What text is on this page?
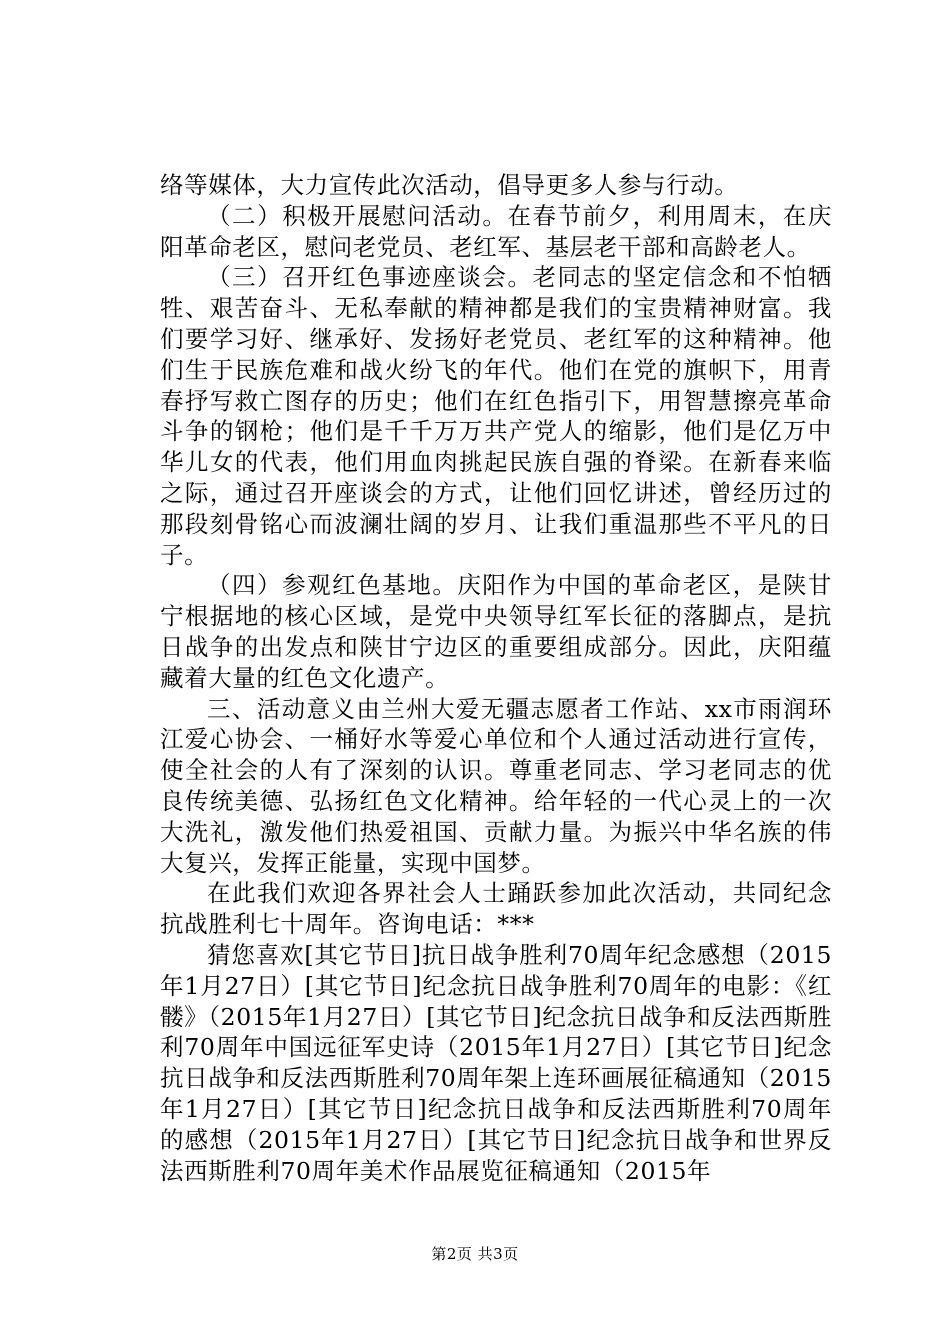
络等媒体，大力宣传此次活动，倡导更多人参与行动。

（二）积极开展慰问活动。在春节前夕，利用周末，在庆阳革命老区，慰问老党员、老红军、基层老干部和高龄老人。

（三）召开红色事迹座谈会。老同志的坚定信念和不怕牺牲、艰苦奋斗、无私奉献的精神都是我们的宝贵精神财富。我们要学习好、继承好、发扬好老党员、老红军的这种精神。他们生于民族危难和战火纷飞的年代。他们在党的旗帜下，用青春抒写救亡图存的历史；他们在红色指引下，用智慧擦亮革命斗争的钢枪；他们是千千万万共产党人的缩影，他们是亿万中华儿女的代表，他们用血肉挑起民族自强的脊梁。在新春来临之际，通过召开座谈会的方式，让他们回忆讲述，曾经历过的那段刻骨铭心而波澜壮阔的岁月、让我们重温那些不平凡的日子。

（四）参观红色基地。庆阳作为中国的革命老区，是陕甘宁根据地的核心区域，是党中央领导红军长征的落脚点，是抗日战争的出发点和陕甘宁边区的重要组成部分。因此，庆阳蕴藏着大量的红色文化遗产。

三、活动意义由兰州大爱无疆志愿者工作站、xx市雨润环江爱心协会、一桶好水等爱心单位和个人通过活动进行宣传，使全社会的人有了深刻的认识。尊重老同志、学习老同志的优良传统美德、弘扬红色文化精神。给年轻的一代心灵上的一次大洗礼，激发他们热爱祖国、贡献力量。为振兴中华名族的伟大复兴，发挥正能量，实现中国梦。

在此我们欢迎各界社会人士踊跃参加此次活动，共同纪念抗战胜利七十周年。咨询电话：***

猜您喜欢[其它节日]抗日战争胜利70周年纪念感想（2015年1月27日）[其它节日]纪念抗日战争胜利70周年的电影：《红髅》（2015年1月27日）[其它节日]纪念抗日战争和反法西斯胜利70周年中国远征军史诗（2015年1月27日）[其它节日]纪念抗日战争和反法西斯胜利70周年架上连环画展征稿通知（2015年1月27日）[其它节日]纪念抗日战争和反法西斯胜利70周年的感想（2015年1月27日）[其它节日]纪念抗日战争和世界反法西斯胜利70周年美术作品展览征稿通知（2015年

第2页 共3页
